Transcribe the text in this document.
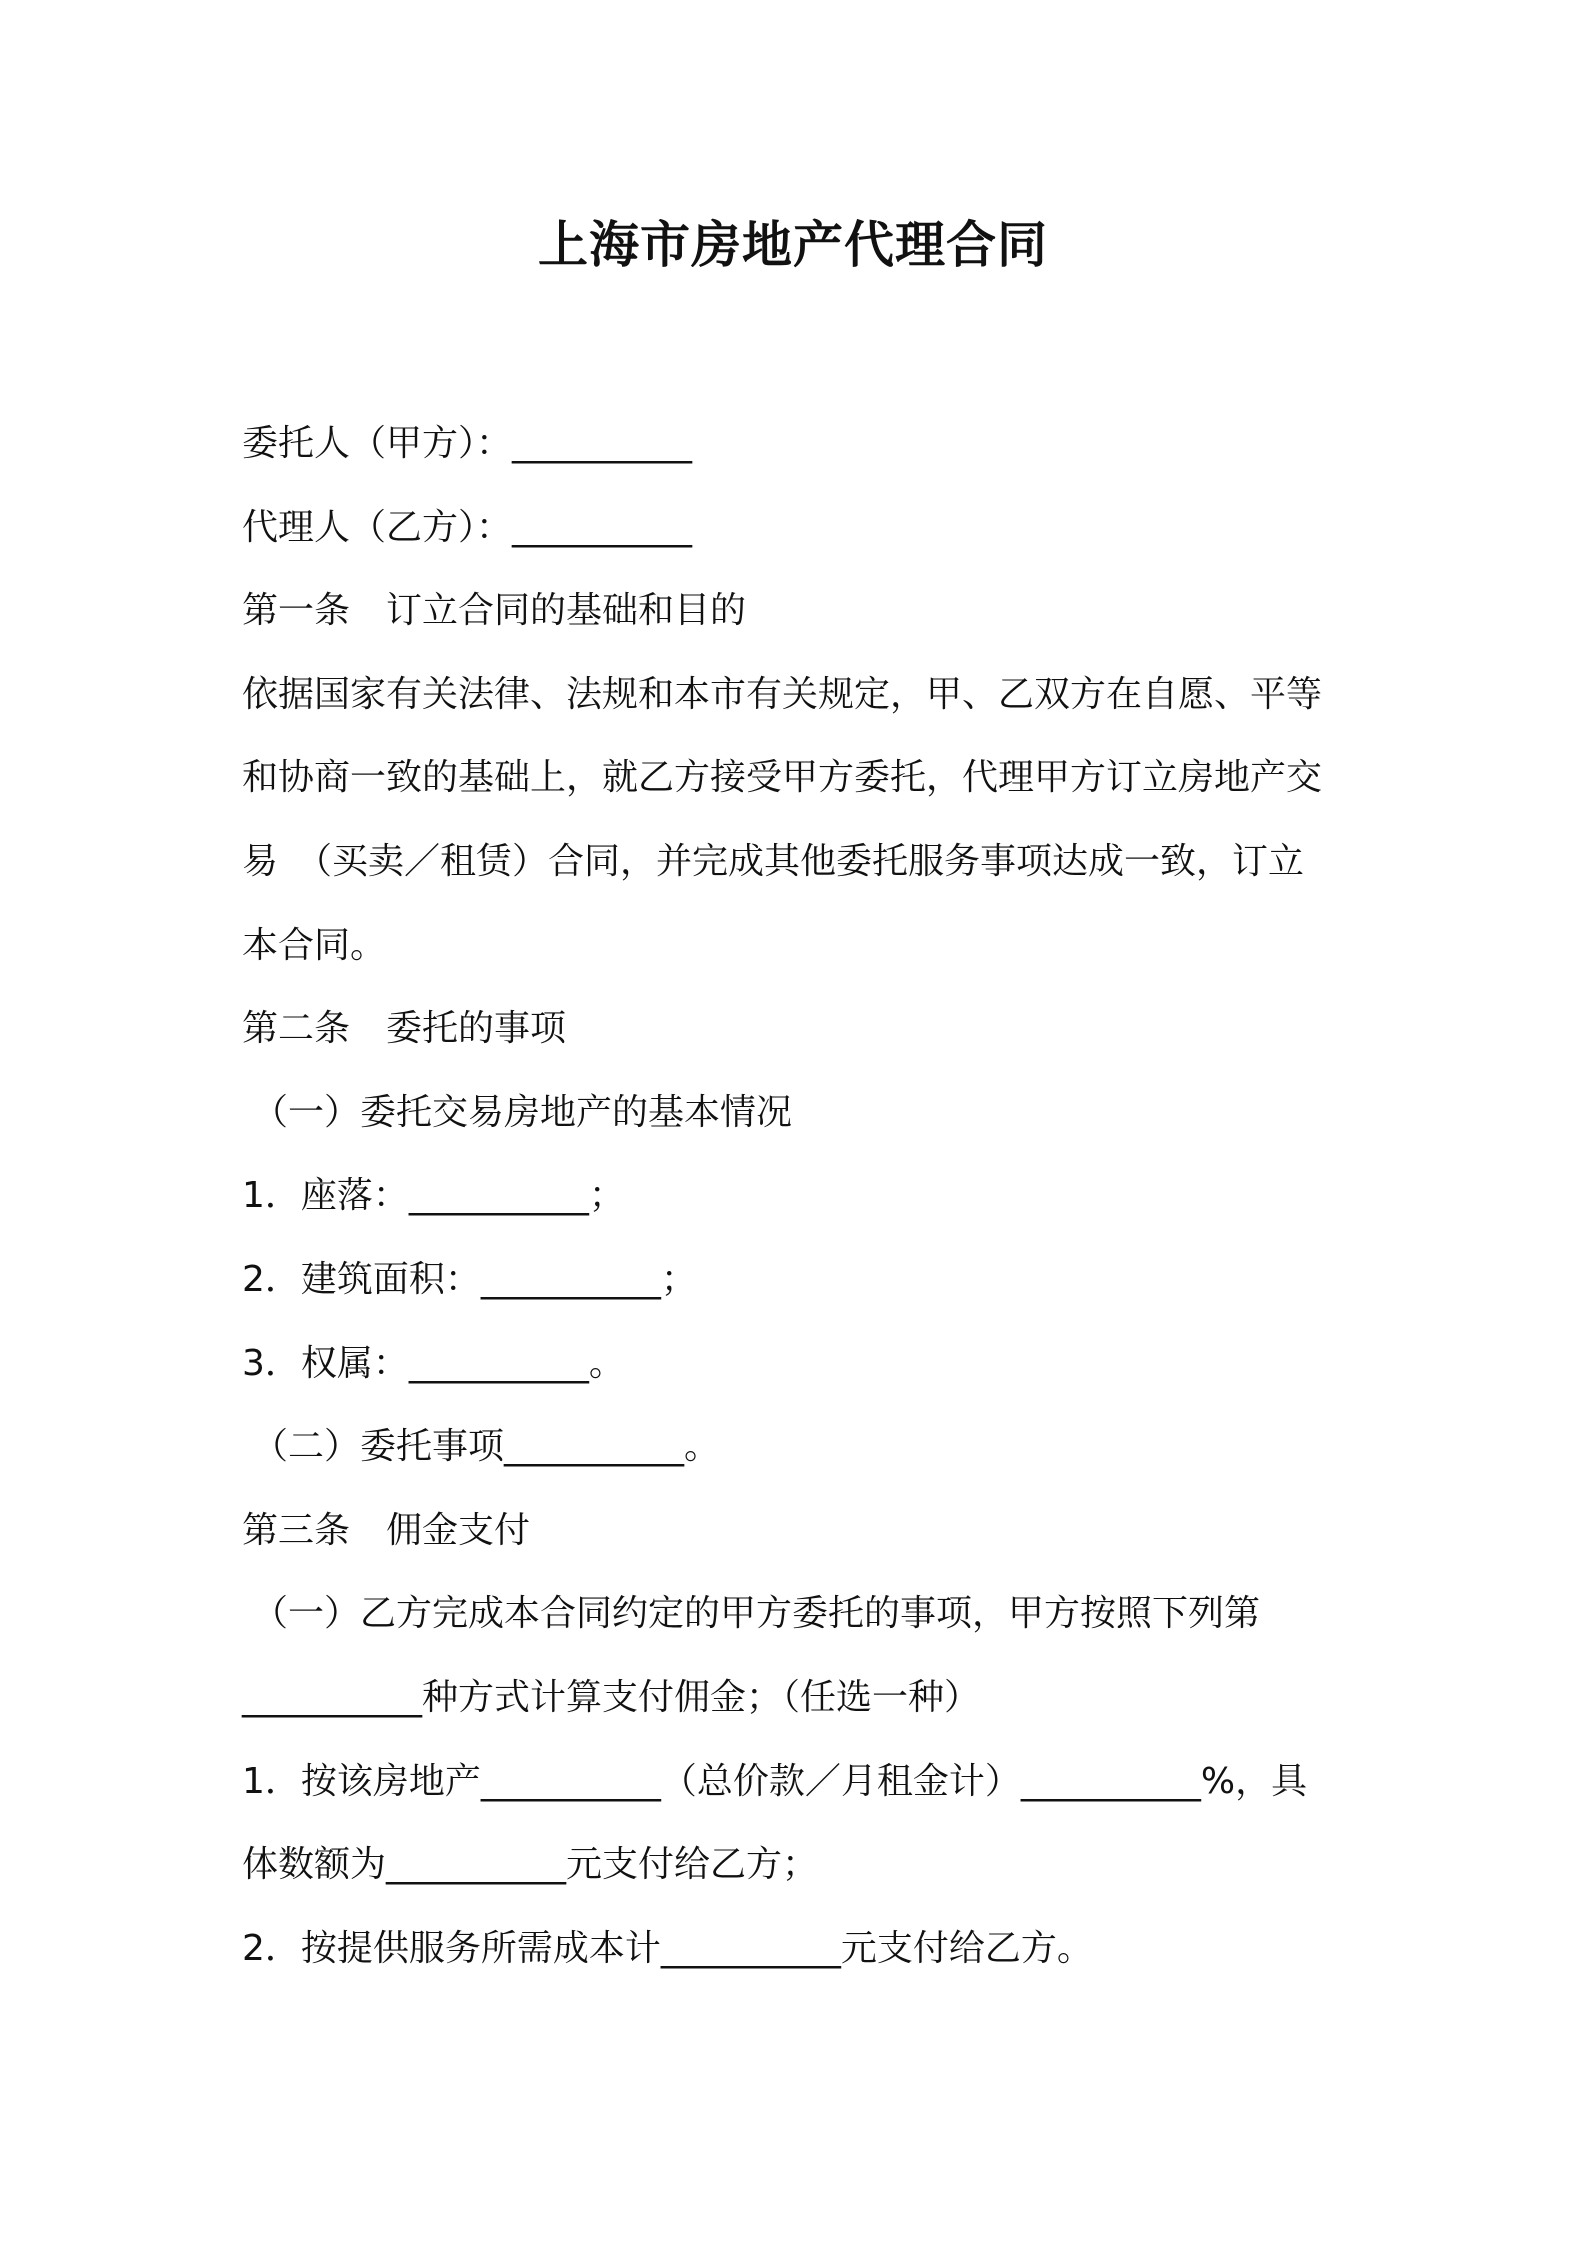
上海市房地产代理合同
委托人（甲方）：__________
代理人（乙方）：__________
第一条　订立合同的基础和目的
依据国家有关法律、法规和本市有关规定，甲、乙双方在自愿、平等
和协商一致的基础上，就乙方接受甲方委托，代理甲方订立房地产交
易　（买卖／租赁）合同，并完成其他委托服务事项达成一致，订立
本合同。
第二条　委托的事项
（一）委托交易房地产的基本情况
1．座落：__________；
2．建筑面积：__________；
3．权属：__________。
（二）委托事项__________。
第三条　佣金支付
（一）乙方完成本合同约定的甲方委托的事项，甲方按照下列第
__________种方式计算支付佣金；（任选一种）
1．按该房地产__________（总价款／月租金计）__________%，具
体数额为__________元支付给乙方；
2．按提供服务所需成本计__________元支付给乙方。
